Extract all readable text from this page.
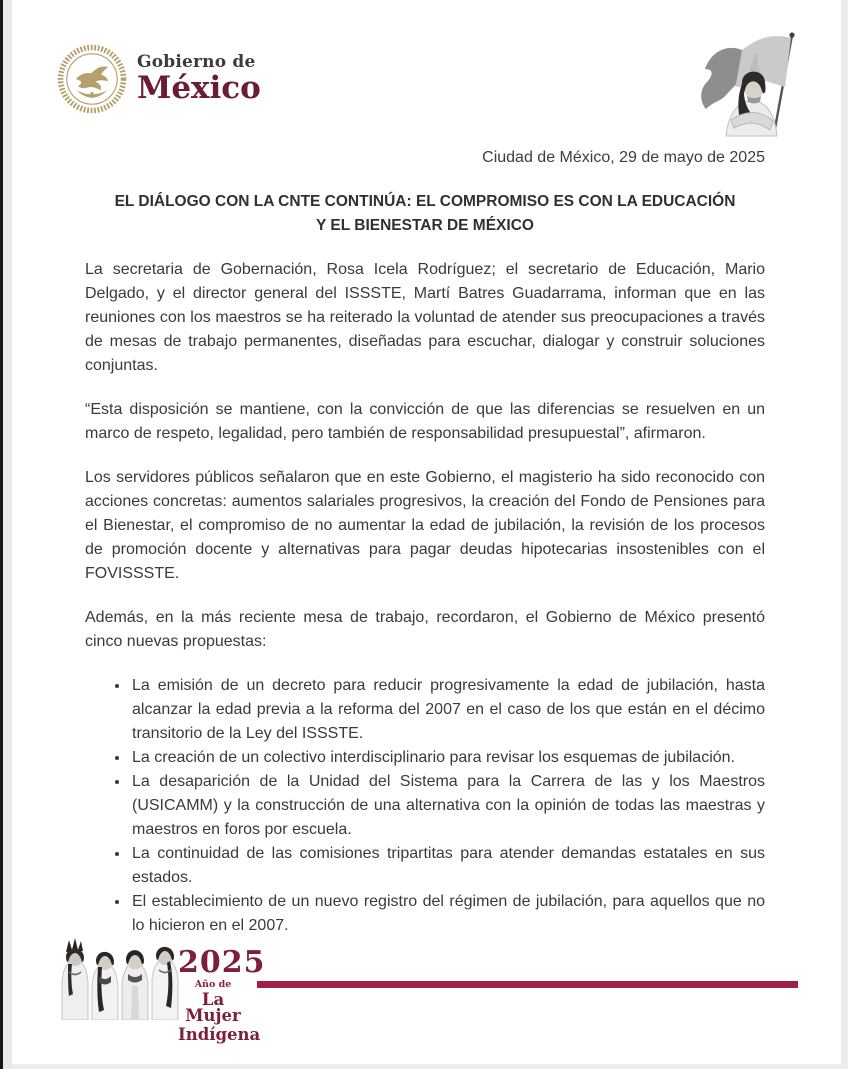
Gobierno de
México
Ciudad de México, 29 de mayo de 2025
EL DIÁLOGO CON LA CNTE CONTINÚA: EL COMPROMISO ES CON LA EDUCACIÓN
Y EL BIENESTAR DE MÉXICO

La secretaria de Gobernación, Rosa Icela Rodríguez; el secretario de Educación, Mario Delgado, y el director general del ISSSTE, Martí Batres Guadarrama, informan que en las reuniones con los maestros se ha reiterado la voluntad de atender sus preocupaciones a través de mesas de trabajo permanentes, diseñadas para escuchar, dialogar y construir soluciones conjuntas.

“Esta disposición se mantiene, con la convicción de que las diferencias se resuelven en un marco de respeto, legalidad, pero también de responsabilidad presupuestal”, afirmaron.

Los servidores públicos señalaron que en este Gobierno, el magisterio ha sido reconocido con acciones concretas: aumentos salariales progresivos, la creación del Fondo de Pensiones para el Bienestar, el compromiso de no aumentar la edad de jubilación, la revisión de los procesos de promoción docente y alternativas para pagar deudas hipotecarias insostenibles con el FOVISSSTE.

Además, en la más reciente mesa de trabajo, recordaron, el Gobierno de México presentó cinco nuevas propuestas:

• La emisión de un decreto para reducir progresivamente la edad de jubilación, hasta alcanzar la edad previa a la reforma del 2007 en el caso de los que están en el décimo transitorio de la Ley del ISSSTE.
• La creación de un colectivo interdisciplinario para revisar los esquemas de jubilación.
• La desaparición de la Unidad del Sistema para la Carrera de las y los Maestros (USICAMM) y la construcción de una alternativa con la opinión de todas las maestras y maestros en foros por escuela.
• La continuidad de las comisiones tripartitas para atender demandas estatales en sus estados.
• El establecimiento de un nuevo registro del régimen de jubilación, para aquellos que no lo hicieron en el 2007.
2025
Año de
La Mujer
Indígena
